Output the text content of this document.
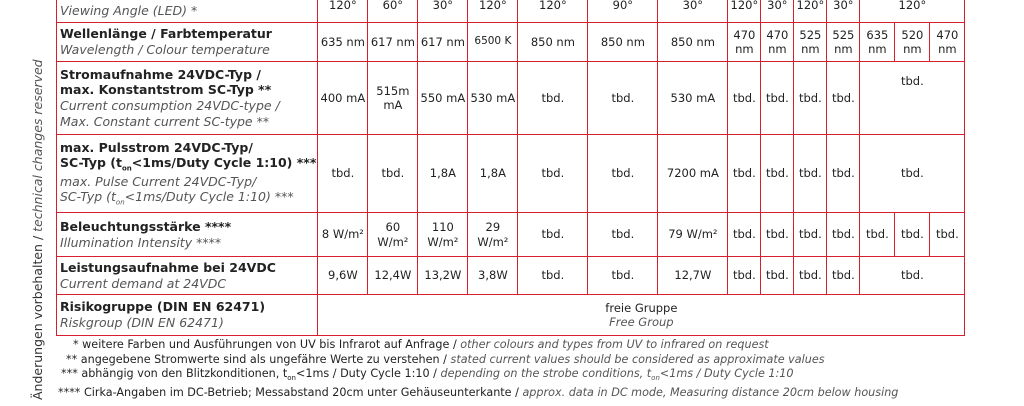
Änderungen vorbehalten / technical changes reserved
Viewing Angle (LED) *	120°	60°	30°	120°	120°	90°	30°	120°	30°	120°	30°	120°		

Wellenlänge / Farbtemperatur
Wavelength / Colour temperature	635 nm	617 nm	617 nm	6500 K	850 nm	850 nm	850 nm	470 nm	470 nm	525 nm	525 nm	635 nm	520 nm	470 nm

Stromaufnahme 24VDC-Typ /
max. Konstantstrom SC-Typ **
Current consumption 24VDC-type /
Max. Constant current SC-type **	400 mA	515m mA	550 mA	530 mA	tbd.	tbd.	530 mA	tbd.	tbd.	tbd.	tbd.	tbd.		

max. Pulsstrom 24VDC-Typ/
SC-Typ ($t_{on}<1ms$/Duty Cycle 1:10) ***
max. Pulse Current 24VDC-Typ/
SC-Typ ($t_{on}<1ms$/Duty Cycle 1:10) ***	tbd.	tbd.	1,8A	1,8A	tbd.	tbd.	7200 mA	tbd.	tbd.	tbd.	tbd.	tbd.		

Beleuchtungsstärke ****
Illumination Intensity ****	8 W/m²	60 W/m²	110 W/m²	29 W/m²	tbd.	tbd.	79 W/m²	tbd.	tbd.	tbd.	tbd.	tbd.	tbd.	tbd.

Leistungsaufnahme bei 24VDC
Current demand at 24VDC	9,6W	12,4W	13,2W	3,8W	tbd.	tbd.	12,7W	tbd.	tbd.	tbd.	tbd.	tbd.		

Risikogruppe (DIN EN 62471)
Riskgroup (DIN EN 62471)	freie Gruppe
Free Group													
* weitere Farben und Ausführungen von UV bis Infrarot auf Anfrage / other colours and types from UV to infrared on request
** angegebene Stromwerte sind als ungefähre Werte zu verstehen / stated current values should be considered as approximate values
*** abhängig von den Blitzkonditionen, $t_{on}<1ms$ / Duty Cycle 1:10 / depending on the strobe conditions, $t_{on}<1ms$ / Duty Cycle 1:10
**** Cirka-Angaben im DC-Betrieb; Messabstand 20cm unter Gehäuseunterkante / approx. data in DC mode, Measuring distance 20cm below housing
